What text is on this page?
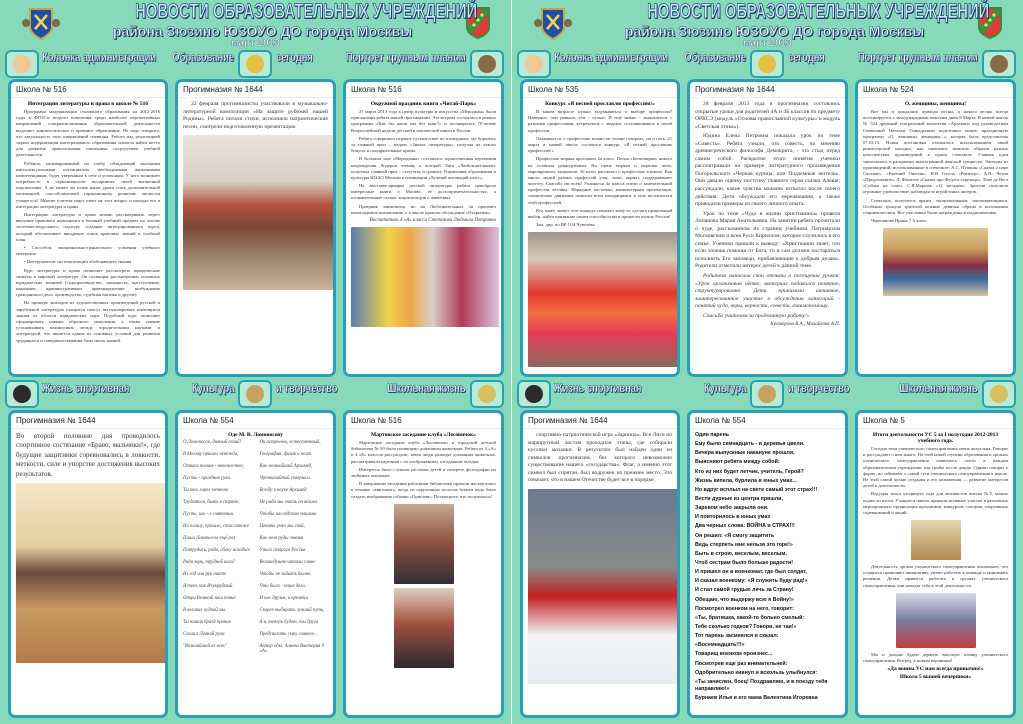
НОВОСТИ ОБРАЗОВАТЕЛЬНЫХ УЧРЕЖДЕНИЙ
района Зюзино ЮЗОУО ДО города Москвы
март 2013
Колонка администрации Образование	сегодня	Портрет крупным планом
Жизнь спортивная	Культура	и творчество	Школьная жизнь
Школа № 516
Интеграция литературы и права в школе № 516
Программа модернизации столичного образования на 2012-2016 годы в ФГОСы второго поколения среди наиболее перспективных направлений совершенствования образовательной деятельности выделяет лингвистическое и правовое образование. Не надо говорить, что актуальность этих направлений очевидна. Работа над реализацией задачи модернизации интегративного образования помогла найти место для развития правосознания школьника посредством учебной деятельности.
Ребёнок, мотивированный на учёбу, обладающий высокими интеллектуальными потенциалом, необходимыми жизненными компетенциями, будет уверенным в себе и успешным. У него возникает потребность в гармоничности восприятия своей жизненной перспективы. А не может ли голые наши уроки стать дополнительной мотивацией, способствующей гармоничному развитию личности учащегося? Многие учителя ищут ответ на этот вопрос и находят его в интеграции литературы и права.
Интеграцию литературы и права можно рассматривать через: введение правового компонента в базовый учебный предмет на основе системно-модульного подхода; создание интегрированного курса, который обеспечивает внедрение основ правовых знаний в учебный план.
• Способом эмоционально-ценностного усвоения учебного материала
• Инструментом систематизации обобщающего знания
Курс литературы и права позволяет рассмотреть юридические сюжеты в мировой литературе. Он посвящен рассмотрению основных юридических понятий (судопроизводство, законность, преступление, наказание, административное правонарушение, возбуждение гражданского дела, производство, судебная тактика и другие).
На примере эпизодов из художественных произведений русской и зарубежной литературы учащиеся смогут актуализировать имеющиеся знания из области юридических наук. Подобный курс позволяет сформировать навыки образного мышления, а также умение устанавливать взаимосвязь между юридическими науками и литературой, что является одним из основных условий для развития трудящихся и совершенствования базы своих знаний.
Прогимназия № 1644
22 февраля прогимназисты участвовали в музыкально-литературной композиции «На защите рубежей нашей Родины». Ребята читали стихи, исполняли патриотические песни, смотрели подготовленную презентацию
Школа № 516
Окружной праздник книги «Читай-Парк»
27 марта 2013 года в центр культуры и искусства «Меридиан» были приглашены ребята нашей прогимназии. Эта встреча состоялась в рамках программы «Как бы жили мы без книг?» и посвящалась 70-летию Всероссийской недели детской и юношеской книги в России.
Ребята совершили игровое путешествие по площадкам, где боролись за главный приз – медаль «Знаток литературы», получая на этапах бонусы и поощрительные призы.
В большом зале «Меридиана» состоялась торжественная церемония награждения Лидеров чтения, в которой Лига «Любознательные» получила главный приз – статуэтку и грамоту Управления образования и культуры ЮЗАО Москвы в номинации «Лучший читающий класс».
На выставке-ярмарке детской литературы ребята приобрели интересные книги о Москве, её достопримечательностях, а познавательные сказки, энциклопедии о животных.
Праздник закончился, но на Любознательных он произвёл неизгладимое впечатление, а в школе прошло обсуждение «Открытия».
Воспитатель 4 «А» класса Степанова Людмила Петровна
Прогимназия № 1644
Во второй половине дня проводилось спортивное состязание «Браво, мальчики!», где будущие защитники соревновались в ловкости, меткости, силе и упорстве достижения высоких результатов.
Школа № 554
Оде М. В. Ломоносову
О Ломоносов, дивный гений!
В Москву пришел невежда,
Отвага полная - невежество,
Пусты - праздная рука.
Ты весь горел мечтою
Трудиться, быть в стране,
Пусть, иль - в смятении,
На пользу, прошло, стих также
Пиши Ломоносов ещё раз
Потрудись, ради, сбоку исходит
Ради зорь, трудной воли?
Из год или рук никто
Я тот, как Изумрудный
Отцы Великий наш почил
В великих чудной мы,
Ты наших бразд проник
Сеяли в Ловкий рука
"Величайший из всех"
Он астроном, естественный,
География, физик и поэт.
Как величайший Архимед,
Чрезвычайный совершил.
Всюду в науке Архимед
Не ради мы знать он велико.
Чтобы наследство нашими
Ценить умел мы свой,
Как вело руды знания
Учили старого Россия
Великодушно читали слово
Чтобы не забыть былое.
Что было - наше дело,
И нас друзья, и времени
Скорее выбирать лучший путь,
А я, теперь будет, ты друга
Предсказать сыну главное...
Автор оды: Алиева Виктория 9 «А»
Школа № 516
Мартовское заседание клуба «Лесовичок»
Мартовское заседание клуба «Лесовичок» в городской детской библиотеке № 90 было посвящено домашним животным. Ребята из 4 «А» и 4 «Б» классов рассуждали, зачем люди разводят домашних животных, рассматривали картинки с их изображением, отгадывали загадки.
Интересно было слушать рассказы детей и смотреть фотографии их любимых питомцев.
В завершение заседания работники библиотеки провели мастер-класс в технике «квиллинг», когда из скрученных полосок бумаги надо было создать изображение собачки «Оригами». Посмотрите, что получилось!
НОВОСТИ ОБРАЗОВАТЕЛЬНЫХ УЧРЕЖДЕНИЙ
района Зюзино ЮЗОУО ДО города Москвы
март 2013
Колонка администрации Образование	сегодня	Портрет крупным планом
Жизнь спортивная	Культура	и творчество	Школьная жизнь
Школа № 535
Конкурс «Я песней прославлю профессию!»
В каком возрасте нужно задумываться о выборе профессии? Наверное, чем раньше, тем - лучше. И ещё важно - знакомиться с разными профессиями, встречаться с людьми, состоявшимися в своей профессии.
Оказывается, о профессиях можно не только говорить, но и петь. 21 марта в нашей школе состоялся конкурс «Я песней прославлю профессию!»
Профессию моряка прославил 2а класс. Песня «Бескозырка» никого не оставила равнодушным. На сцене моряки и морячки пели, маршировали, танцевали. 3б класс рассказал о профессиях в школе. Как много людей разных профессий учат, лечат, кормят, поддерживают чистоту. Спасибо им всем! Учащиеся 4а класса спели о замечательной профессии лётчика. Нарядные костюмы, компьютерная презентация, сценическое движение помогли всем находящимся в зале восхититься этой профессией.
Кто знает, может этот конкурс поможет кому-то сделать правильный выбор, найти призвание своим способностям и принести пользу России!
Зам. дир. по ВР О.Н.Чувелёва
Прогимназия № 1644
28 февраля 2013 года в прогимназии состоялись открытые уроки для родителей 4А и 4Б классов по предмету ОРКСЭ (модуль «Основы православной культуры» и модуль «Светская этика»).
Юдина Елена Петровна показала урок по теме «Совесть». Ребята узнали, что совесть, по мнению древнегреческого философа Демокрита, - это стыд перед самим собой. Раскрытие этого понятия ученики рассматривали на примере литературного произведения Погорельского «Черная курица, или Подземные жители». Они давали оценку поступку главного героя сказки Алеше; рассуждали, какие чувства мальчик испытал после своего действия. Дети обсуждали его переживания, а также приводили примеры из своего личного опыта.
Урок по теме «Чудо в жизни христианина» провела Липанова Мария Анатольевна. На занятии ребята прочитали о чуде, рассказанном из страниц учебника Патриархом Московским и всея Руси Кириллом, которое случилось в его семье. Ученики пришли к выводу: «Христианин знает, что если хочешь помощи от Бога, то и сам должен постараться исполнить Его заповеди, прибавляющие к добрым делам». Родители отметили интерес детей к данной теме.
Родители написали свои отзывы о посещении уроков: «Урок организован чётко, материал подавался понятно, структурированно. Дети принимали активное, заинтересованное участие в обсуждении категорий - понятий чуда, веры, верности, совести, взаимопомощи.
Спасибо учителям за проделанную работу!»
Краморова В.А., Михайлова А.П.
Школа № 524
О, женщины, женщины!
Вот мы и дождались прихода весны, а начало весны всегда ассоциируется с международным женским днем 8 Марта. В нашей школе № 524 дружный театральный коллектив «Арлекин» под руководством Семеновой Натальи Геннадьевны подготовил новую праздничную программу «О, женщины, женщины...», которая была представлена 07.03.13. Новая постановка отличалась использованием такой режиссерской находки, как смешение женских образов разных классических произведений в одном спектакле. Главная идея заключалась в раскрытии многогранной женской сущности. Эпизоды из произведений, использованные в спектакле: А.С. Пушкин «Сказка о царе Салтане», «Евгений Онегин», Н.В Гоголь «Ревизор», А.П. Чехов «Предложение», Л. Филатов «Сказка про Федота-стрельца», Лопе де Вега «Собака на сене», С.Я.Маршак «12 месяцев». Зрители получили огромное удовольствие, наблюдая за игрой юных актеров.
Спектакль получился ярким, эмоциональным, запоминающимся. Особенно тронули зрителей нежные девичьи образы в исполнении старшеклассниц. Все участники были награждены аплодисментами.
Черепанова Ирина 7 А класс
Прогимназия № 1644
спортивно-патриотической игра «Зарница». Все Лиги по маршрутным листам проходили этапы, где собирали кусочки мозаики. В результате был найден один из символов прогимназии, без которого невозможно существование нашего «государства». Флаг, а именно этот символ был спрятан, был водружен на прежнее место. Это означает, что в нашем Отечестве будет все в порядке.
Школа № 554
Один парень
Ему было семнадцать - и деревья цвели.
Вечера выпускные накануне прошли,
Выясняют ребята между собой:
Кто из них будет летчик, учитель, Герой?
Жизнь кипела, бурлила в юных умах...
Но вдруг всплыл на свете самый этот страх!!!
Вести дурные из центра пришли,
Заревом небо закрыли они.
И повторилось в юных умах
Два черных слова: ВОЙНА и СТРАХ!!!
Он решил: «Я смогу защитить
Ведь стерпеть мне нельзя это горе!»
Быть в строю, веселым, веселым,
Чтоб сестрам было больше радости!
И пришел он в военкомат, где был солдат,
И сказал военкому: «Я служить буду рад!»
И стал самой грудью лечь за Страну!
Обещаю, что выдержу всю я Войну!»
Посмотрел военком на него, говорит:
«Ты, братишка, какой-то больно смелый:
Тебе сколько годков? Говори, не таи!»
Тот парень засмеялся и сказал:
«Восемнадцать!!!»
Товарищ военком произнес...
Посмотрев еще раз внимательней:
Одобрительно кивнул и вскользь улыбнулся:
«Ты зачислен, боец! Поздравляю, и в поезду тебя направляю!»
Бурнаев Илья и его мама Валентина Игоревна
Школа № 5
Итоги деятельности УС 5 за I полугодие 2012-2013 учебного года.
Сегодня тема ученического самоуправления очень актуальна. Говорят и рассуждают о нем много. На этой новой ступени образования в органах ученического самоуправления появились почти в каждом образовательном учреждении, как грибы после дождя. Однако говорят о форме, но забывают о самой сути ученического самоуправления в школе. Не этой самой целью создания и его назначения — развитие интересов детей к деятельности.
Ведущая итога уходящего года для активистов школы №5, можно подвести итоги. Учащиеся школы приняли активное участие в различных мероприятиях: организация праздников, конкурсов, смотров, спортивных соревнований и акций.
Деятельность органа ученического самоуправления показывает, что учащиеся проявляют инициативу, умеют работать в команде и принимать решения. Детям нравится работать в органах ученического самоуправления, они находят себя в этой деятельности.
Мы и дальше будем держать высокую планку ученического самоуправления. Вперёд, к новым вершинам!
«Да воины УС нам всегда привычно!»
Школа 5 вышей вечеринки»
